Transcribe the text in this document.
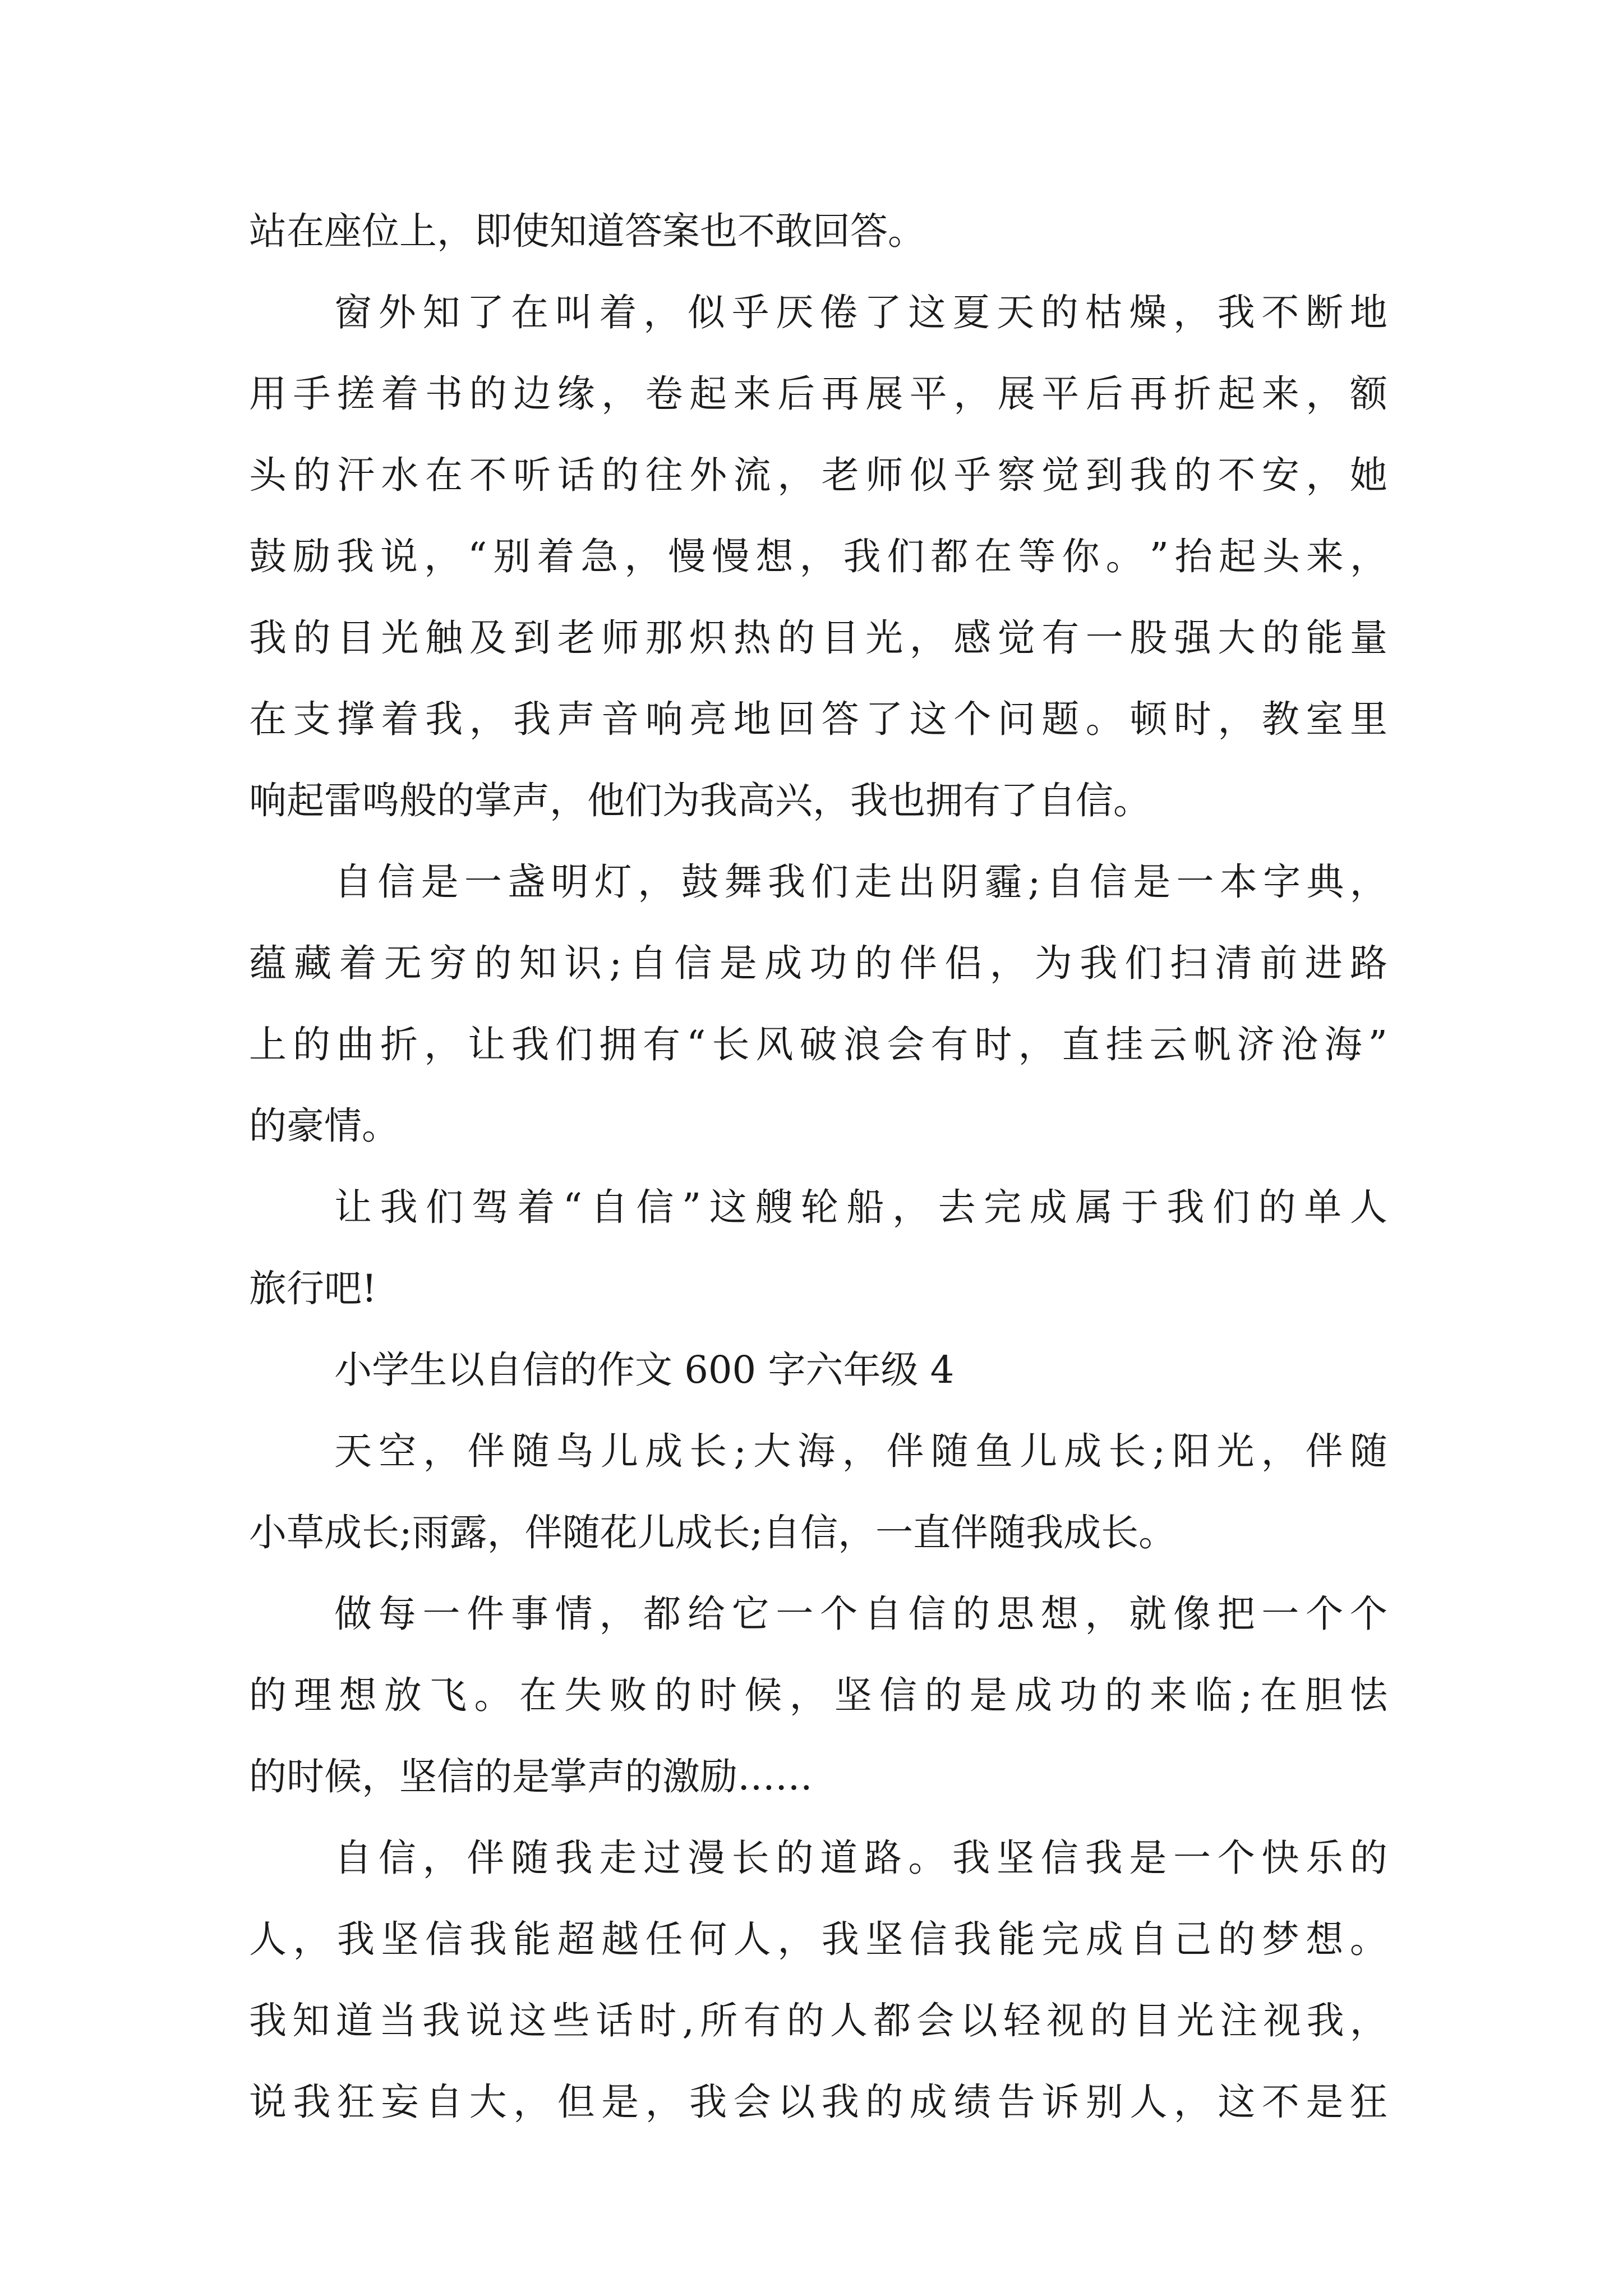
站在座位上，即使知道答案也不敢回答。
窗 外 知 了 在 叫 着 ， 似 乎 厌 倦 了 这 夏 天 的 枯 燥 ， 我 不 断 地
用 手 搓 着 书 的 边 缘 ， 卷 起 来 后 再 展 平 ， 展 平 后 再 折 起 来 ， 额
头 的 汗 水 在 不 听 话 的 往 外 流 ， 老 师 似 乎 察 觉 到 我 的 不 安 ， 她
鼓 励 我 说 ， “ 别 着 急 ， 慢 慢 想 ， 我 们 都 在 等 你 。 ” 抬 起 头 来 ，
我 的 目 光 触 及 到 老 师 那 炽 热 的 目 光 ， 感 觉 有 一 股 强 大 的 能 量
在 支 撑 着 我 ， 我 声 音 响 亮 地 回 答 了 这 个 问 题 。 顿 时 ， 教 室 里
响起雷鸣般的掌声，他们为我高兴，我也拥有了自信。
自 信 是 一 盏 明 灯 ， 鼓 舞 我 们 走 出 阴 霾 ; 自 信 是 一 本 字 典 ，
蕴 藏 着 无 穷 的 知 识 ; 自 信 是 成 功 的 伴 侣 ， 为 我 们 扫 清 前 进 路
上 的 曲 折 ， 让 我 们 拥 有 “ 长 风 破 浪 会 有 时 ， 直 挂 云 帆 济 沧 海 ”
的豪情。
让 我 们 驾 着 “ 自 信 ” 这 艘 轮 船 ， 去 完 成 属 于 我 们 的 单 人
旅行吧!
小学生以自信的作文 600 字六年级 4
天 空 ， 伴 随 鸟 儿 成 长 ; 大 海 ， 伴 随 鱼 儿 成 长 ; 阳 光 ， 伴 随
小草成长;雨露，伴随花儿成长;自信，一直伴随我成长。
做 每 一 件 事 情 ， 都 给 它 一 个 自 信 的 思 想 ， 就 像 把 一 个 个
的 理 想 放 飞 。 在 失 败 的 时 候 ， 坚 信 的 是 成 功 的 来 临 ; 在 胆 怯
的时候，坚信的是掌声的激励……
自 信 ， 伴 随 我 走 过 漫 长 的 道 路 。 我 坚 信 我 是 一 个 快 乐 的
人 ， 我 坚 信 我 能 超 越 任 何 人 ， 我 坚 信 我 能 完 成 自 己 的 梦 想 。
我 知 道 当 我 说 这 些 话 时 , 所 有 的 人 都 会 以 轻 视 的 目 光 注 视 我 ，
说 我 狂 妄 自 大 ， 但 是 ， 我 会 以 我 的 成 绩 告 诉 别 人 ， 这 不 是 狂
